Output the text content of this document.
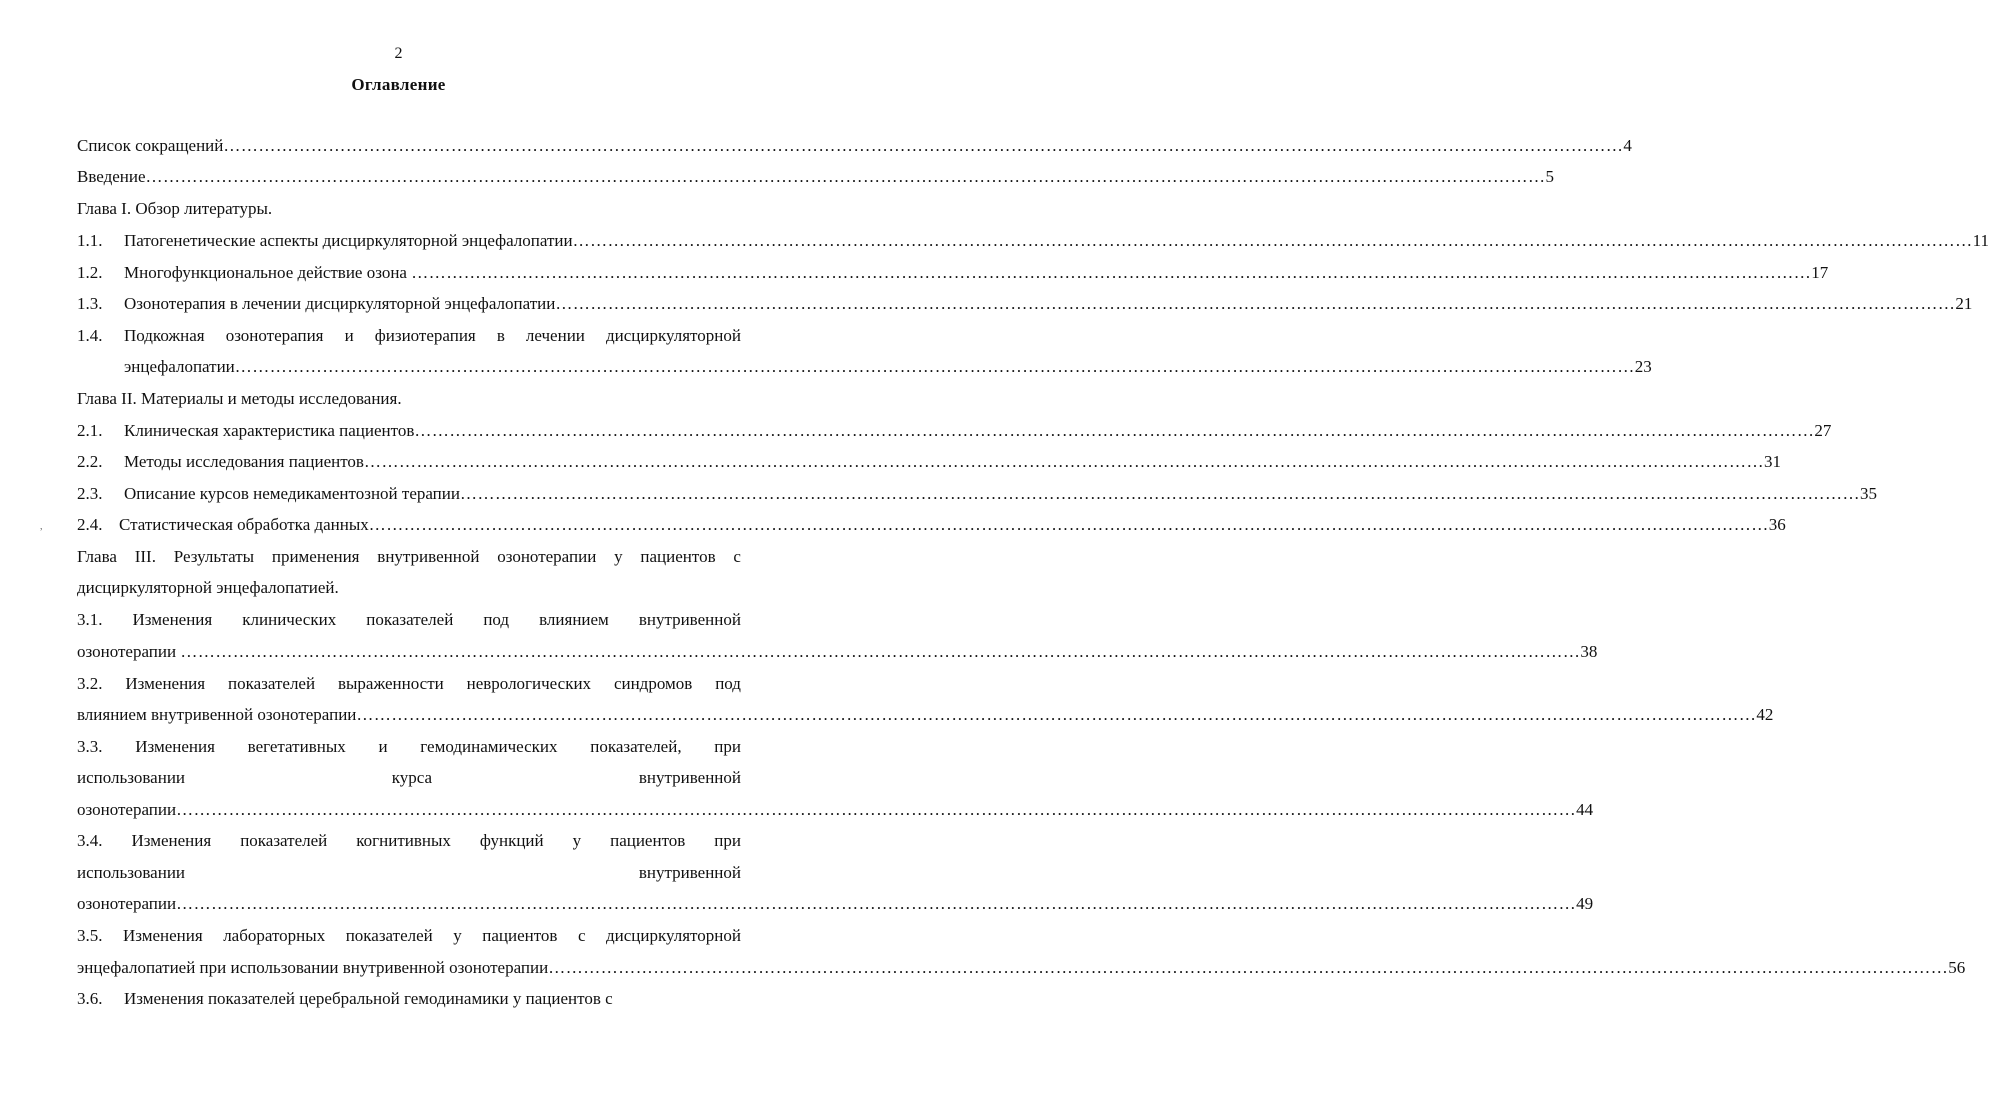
2
Оглавление
,
Список сокращений …………………………………………………………………………………………………………………………………………………………………………………………………………………… 4
Введение …………………………………………………………………………………………………………………………………………………………………………………………………………………… 5
Глава I. Обзор литературы.
1.1. Патогенетические аспекты дисциркуляторной энцефалопатии …………………………………………………………………………………………………………………………………………………………………………………………………………………… 11
1.2. Многофункциональное действие озона …………………………………………………………………………………………………………………………………………………………………………………………………………………… 17
1.3. Озонотерапия в лечении дисциркуляторной энцефалопатии …………………………………………………………………………………………………………………………………………………………………………………………………………………… 21
1.4.	Подкожная озонотерапия и физиотерапия в лечении дисциркуляторной
энцефалопатии …………………………………………………………………………………………………………………………………………………………………………………………………………………… 23
Глава II. Материалы и методы исследования.
2.1. Клиническая характеристика пациентов …………………………………………………………………………………………………………………………………………………………………………………………………………………… 27
2.2. Методы исследования пациентов …………………………………………………………………………………………………………………………………………………………………………………………………………………… 31
2.3. Описание курсов немедикаментозной терапии …………………………………………………………………………………………………………………………………………………………………………………………………………………… 35
2.4. Статистическая обработка данных …………………………………………………………………………………………………………………………………………………………………………………………………………………… 36
Глава III. Результаты применения внутривенной озонотерапии у пациентов с
дисциркуляторной энцефалопатией.
3.1. Изменения клинических показателей под влиянием внутривенной
озонотерапии …………………………………………………………………………………………………………………………………………………………………………………………………………………… 38
3.2. Изменения показателей выраженности неврологических синдромов под
влиянием внутривенной озонотерапии …………………………………………………………………………………………………………………………………………………………………………………………………………………… 42
3.3. Изменения вегетативных и гемодинамических показателей, при
использовании	курса	внутривенной
озонотерапии …………………………………………………………………………………………………………………………………………………………………………………………………………………… 44
3.4. Изменения показателей когнитивных функций у пациентов при
использовании	внутривенной
озонотерапии …………………………………………………………………………………………………………………………………………………………………………………………………………………… 49
3.5. Изменения лабораторных показателей у пациентов с дисциркуляторной
энцефалопатией при использовании внутривенной озонотерапии …………………………………………………………………………………………………………………………………………………………………………………………………………………… 56
3.6. Изменения показателей церебральной гемодинамики у пациентов с
